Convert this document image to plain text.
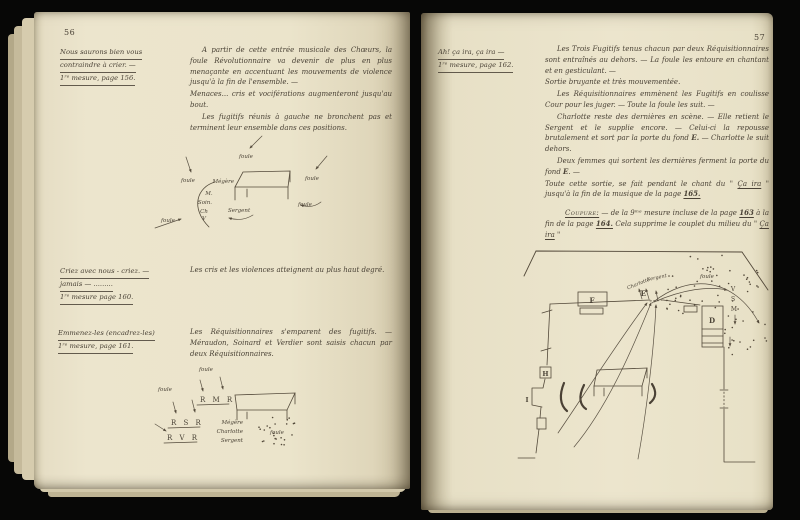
56
Nous saurons bien vous
contraindre à crier. —
1ʳᵉ mesure, page 156.

A partir de cette entrée musicale des Chœurs, la foule Révolutionnaire va devenir de plus en plus menaçante en accentuant les mouvements de violence jusqu'à la fin de l'ensemble. —

Menaces... cris et vociférations augmenteront jusqu'au bout.

Les fugitifs réunis à gauche ne bronchent pas et terminent leur ensemble dans ces positions.

Mégère
M.
Soin.
Ch
V
Sergent
foule
foule
foule
foule
foule
Criez avec nous - criez. —
jamais — .........
1ʳᵉ mesure page 160.

Les cris et les violences atteignent au plus haut degré.

Emmenez-les (encadrez-les)
1ʳᵉ mesure, page 161.

Les Réquisitionnaires s'emparent des fugitifs. — Méraudon, Soinard et Verdier sont saisis chacun par deux Réquisitionnaires.

foule
foule
R M R
R S R
R V R
Mégère
Charlotte
Sergent
foule
57
Ah! ça ira, ça ira —
1ʳᵉ mesure, page 162.

Les Trois Fugitifs tenus chacun par deux Réquisitionnaires sont entraînés au dehors. — La foule les entoure en chantant et en gesticulant. —

Sortie bruyante et très mouvementée.

Les Réquisitionnaires emmènent les Fugitifs en coulisse Cour pour les juger. — Toute la foule les suit. —

Charlotte reste des dernières en scène. — Elle retient le Sergent et le supplie encore. — Celui-ci la repousse brutalement et sort par la porte du fond E. — Charlotte le suit dehors.

Deux femmes qui sortent les dernières ferment la porte du fond E. —

Toute cette sortie, se fait pendant le chant du " Ça ira " jusqu'à la fin de la musique de la page 165.

Coupure: — de la 9ᵐᵉ mesure incluse de la page 163 à la fin de la page 164. Cela supprime le couplet du milieu du " Ça ira "

F
E
D
H
I
Charlotte
Sergent	foule
V
S
M
